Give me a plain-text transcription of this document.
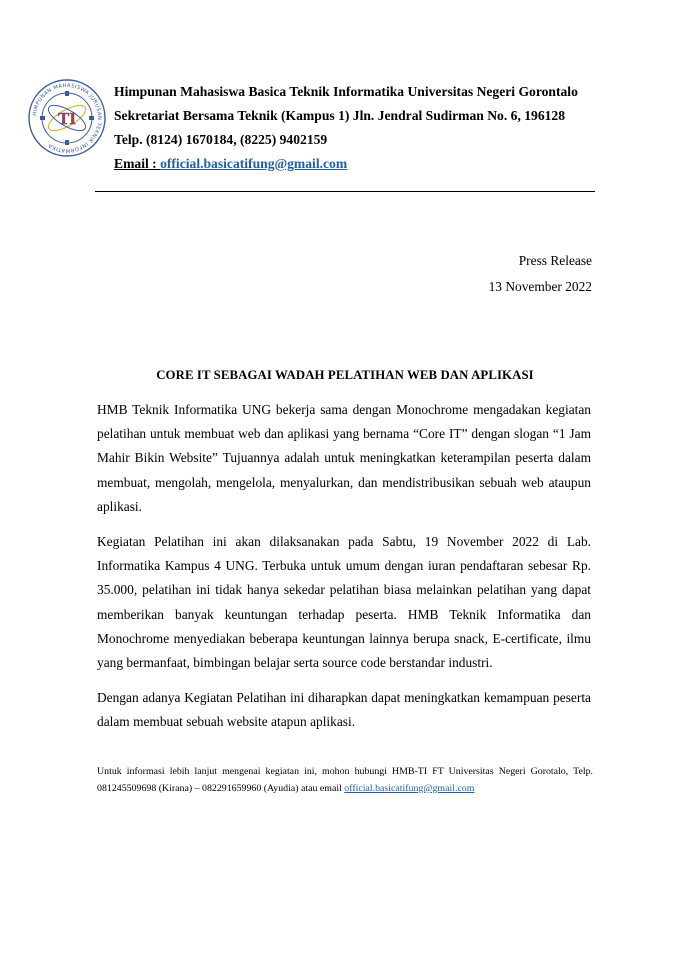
HIMPUNAN MAHASISWA JURUSAN TEKNIK INFORMATIKA
TI
Himpunan Mahasiswa Basica Teknik Informatika Universitas Negeri Gorontalo
Sekretariat Bersama Teknik (Kampus 1) Jln. Jendral Sudirman No. 6, 196128
Telp. (8124) 1670184, (8225) 9402159
Email : official.basicatifung@gmail.com
Press Release
13 November 2022
CORE IT SEBAGAI WADAH PELATIHAN WEB DAN APLIKASI

HMB Teknik Informatika UNG bekerja sama dengan Monochrome mengadakan kegiatan pelatihan untuk membuat web dan aplikasi yang bernama “Core IT” dengan slogan “1 Jam Mahir Bikin Website” Tujuannya adalah untuk meningkatkan keterampilan peserta dalam membuat, mengolah, mengelola, menyalurkan, dan mendistribusikan sebuah web ataupun aplikasi.

Kegiatan Pelatihan ini akan dilaksanakan pada Sabtu, 19 November 2022 di Lab. Informatika Kampus 4 UNG. Terbuka untuk umum dengan iuran pendaftaran sebesar Rp. 35.000, pelatihan ini tidak hanya sekedar pelatihan biasa melainkan pelatihan yang dapat memberikan banyak keuntungan terhadap peserta. HMB Teknik Informatika dan Monochrome menyediakan beberapa keuntungan lainnya berupa snack, E-certificate, ilmu yang bermanfaat, bimbingan belajar serta source code berstandar industri.

Dengan adanya Kegiatan Pelatihan ini diharapkan dapat meningkatkan kemampuan peserta dalam membuat sebuah website atapun aplikasi.

Untuk informasi lebih lanjut mengenai kegiatan ini, mohon hubungi HMB-TI FT Universitas Negeri Gorotalo, Telp. 081245509698 (Kirana) – 082291659960 (Ayudia) atau email official.basicatifung@gmail.com
